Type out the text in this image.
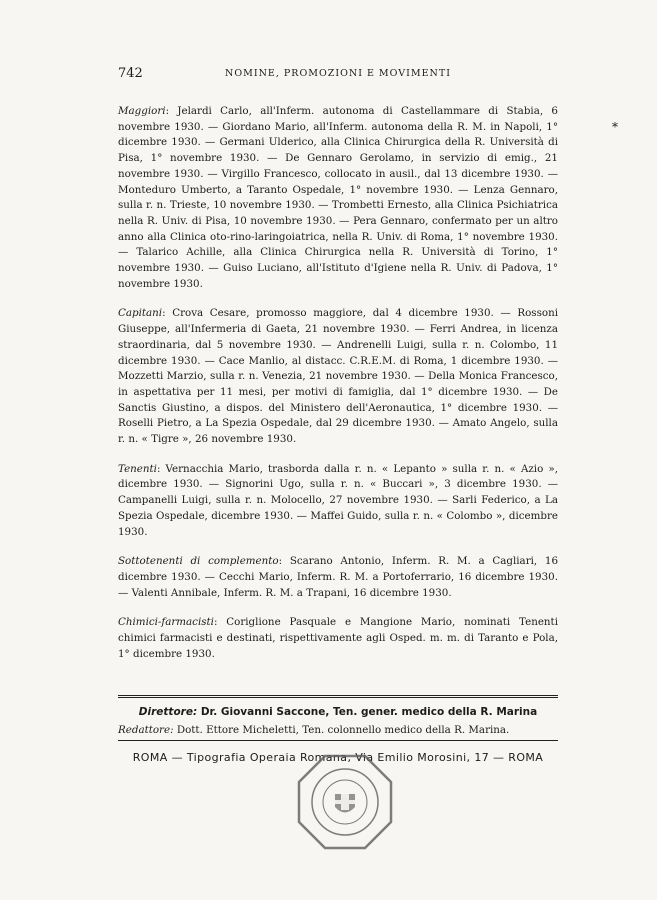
742	NOMINE, PROMOZIONI E MOVIMENTI

Maggiori: Jelardi Carlo, all'Inferm. autonoma di Castellammare di Stabia, 6 novembre 1930. — Giordano Mario, all'Inferm. autonoma della R. M. in Napoli, 1° dicembre 1930. — Germani Ulderico, alla Clinica Chirurgica della R. Università di Pisa, 1° novembre 1930. — De Gennaro Gerolamo, in servizio di emig., 21 novembre 1930. — Virgillo Francesco, collocato in ausil., dal 13 dicembre 1930. — Monteduro Umberto, a Taranto Ospedale, 1° novembre 1930. — Lenza Gennaro, sulla r. n. Trieste, 10 novembre 1930. — Trombetti Ernesto, alla Clinica Psichiatrica nella R. Univ. di Pisa, 10 novembre 1930. — Pera Gennaro, confermato per un altro anno alla Clinica oto-rino-laringoiatrica, nella R. Univ. di Roma, 1° novembre 1930. — Talarico Achille, alla Clinica Chirurgica nella R. Università di Torino, 1° novembre 1930. — Guiso Luciano, all'Istituto d'Igiene nella R. Univ. di Padova, 1° novembre 1930.

Capitani: Crova Cesare, promosso maggiore, dal 4 dicembre 1930. — Rossoni Giuseppe, all'Infermeria di Gaeta, 21 novembre 1930. — Ferri Andrea, in licenza straordinaria, dal 5 novembre 1930. — Andrenelli Luigi, sulla r. n. Colombo, 11 dicembre 1930. — Cace Manlio, al distacc. C.R.E.M. di Roma, 1 dicembre 1930. — Mozzetti Marzio, sulla r. n. Venezia, 21 novembre 1930. — Della Monica Francesco, in aspettativa per 11 mesi, per motivi di famiglia, dal 1° dicembre 1930. — De Sanctis Giustino, a dispos. del Ministero dell'Aeronautica, 1° dicembre 1930. — Roselli Pietro, a La Spezia Ospedale, dal 29 dicembre 1930. — Amato Angelo, sulla r. n. « Tigre », 26 novembre 1930.

Tenenti: Vernacchia Mario, trasborda dalla r. n. « Lepanto » sulla r. n. « Azio », dicembre 1930. — Signorini Ugo, sulla r. n. « Buccari », 3 dicembre 1930. — Campanelli Luigi, sulla r. n. Molocello, 27 novembre 1930. — Sarli Federico, a La Spezia Ospedale, dicembre 1930. — Maffei Guido, sulla r. n. « Colombo », dicembre 1930.

Sottotenenti di complemento: Scarano Antonio, Inferm. R. M. a Cagliari, 16 dicembre 1930. — Cecchi Mario, Inferm. R. M. a Portoferrario, 16 dicembre 1930. — Valenti Annibale, Inferm. R. M. a Trapani, 16 dicembre 1930.

Chimici-farmacisti: Coriglione Pasquale e Mangione Mario, nominati Tenenti chimici farmacisti e destinati, rispettivamente agli Osped. m. m. di Taranto e Pola, 1° dicembre 1930.

Direttore: Dr. Giovanni Saccone, Ten. gener. medico della R. Marina
Redattore: Dott. Ettore Micheletti, Ten. colonnello medico della R. Marina.
ROMA — Tipografia Operaia Romana, Via Emilio Morosini, 17 — ROMA
*
